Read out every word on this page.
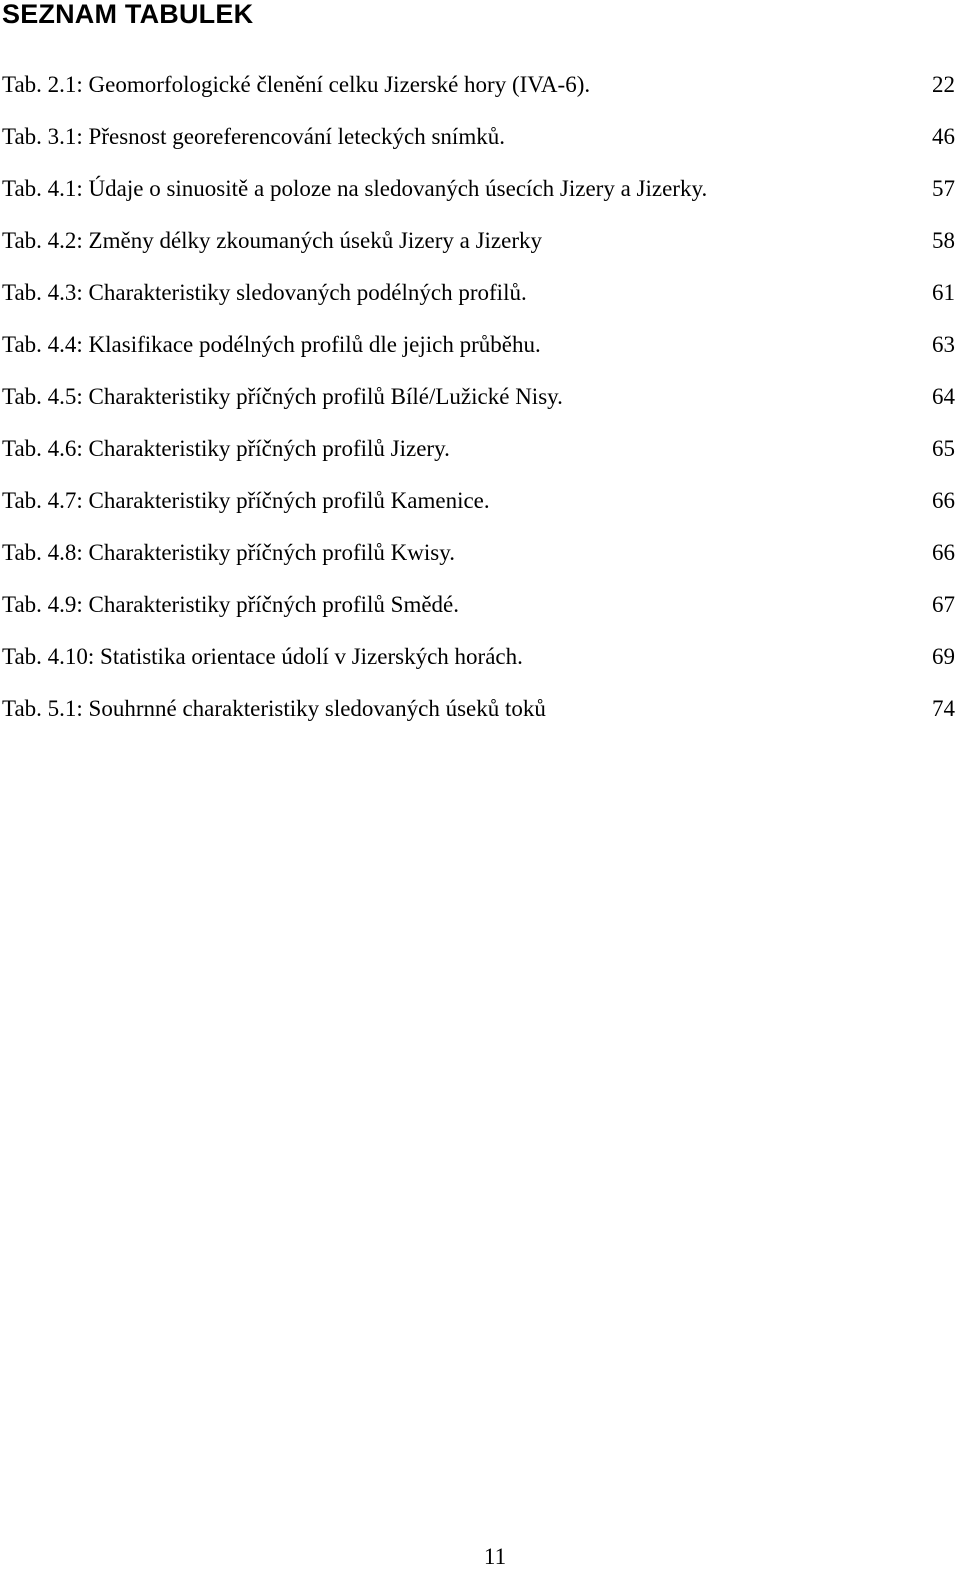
SEZNAM TABULEK
Tab. 2.1: Geomorfologické členění celku Jizerské hory (IVA-6).	22
Tab. 3.1: Přesnost georeferencování leteckých snímků.	46
Tab. 4.1: Údaje o sinuositě a poloze na sledovaných úsecích Jizery a Jizerky.	57
Tab. 4.2: Změny délky zkoumaných úseků Jizery a Jizerky	58
Tab. 4.3: Charakteristiky sledovaných podélných profilů.	61
Tab. 4.4: Klasifikace podélných profilů dle jejich průběhu.	63
Tab. 4.5: Charakteristiky příčných profilů Bílé/Lužické Nisy.	64
Tab. 4.6: Charakteristiky příčných profilů Jizery.	65
Tab. 4.7: Charakteristiky příčných profilů Kamenice.	66
Tab. 4.8: Charakteristiky příčných profilů Kwisy.	66
Tab. 4.9: Charakteristiky příčných profilů Smědé.	67
Tab. 4.10: Statistika orientace údolí v Jizerských horách.	69
Tab. 5.1: Souhrnné charakteristiky sledovaných úseků toků	74
11
